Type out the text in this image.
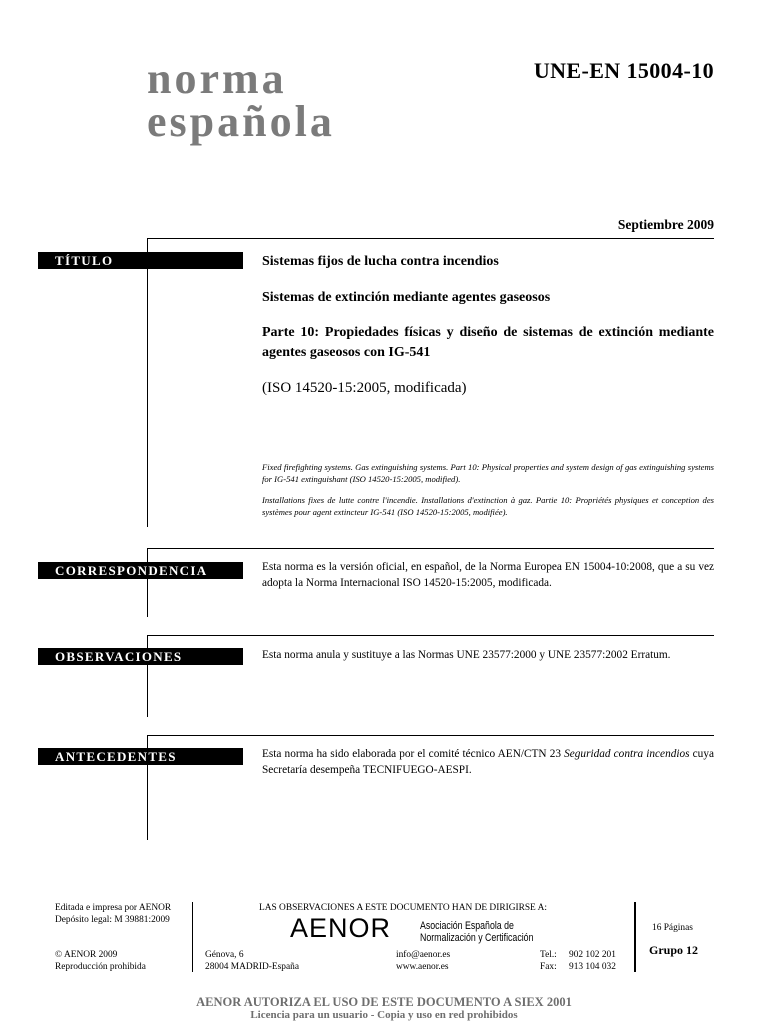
norma
española
UNE-EN 15004-10
Septiembre 2009
TÍTULO	Sistemas fijos de lucha contra incendios
Sistemas de extinción mediante agentes gaseosos
Parte 10: Propiedades físicas y diseño de sistemas de extinción mediante agentes gaseosos con IG-541
(ISO 14520-15:2005, modificada)
Fixed firefighting systems. Gas extinguishing systems. Part 10: Physical properties and system design of gas extinguishing systems for IG-541 extinguishant (ISO 14520-15:2005, modified).
Installations fixes de lutte contre l'incendie. Installations d'extinction à gaz. Partie 10: Propriétés physiques et conception des systèmes pour agent extincteur IG-541 (ISO 14520-15:2005, modifiée).
CORRESPONDENCIA	Esta norma es la versión oficial, en español, de la Norma Europea EN 15004-10:2008, que a su vez adopta la Norma Internacional ISO 14520-15:2005, modificada.

OBSERVACIONES	Esta norma anula y sustituye a las Normas UNE 23577:2000 y UNE 23577:2002 Erratum.

ANTECEDENTES	Esta norma ha sido elaborada por el comité técnico AEN/CTN 23 Seguridad contra incendios cuya Secretaría desempeña TECNIFUEGO-AESPI.

Editada e impresa por AENOR
Depósito legal: M 39881:2009
© AENOR 2009
Reproducción prohibida
LAS OBSERVACIONES A ESTE DOCUMENTO HAN DE DIRIGIRSE A:
AENOR	Asociación Española de
Normalización y Certificación
Génova, 6
28004 MADRID-España
info@aenor.es
www.aenor.es
Tel.: 902 102 201
Fax: 913 104 032
16 Páginas
Grupo 12
AENOR AUTORIZA EL USO DE ESTE DOCUMENTO A SIEX 2001
Licencia para un usuario - Copia y uso en red prohibidos
